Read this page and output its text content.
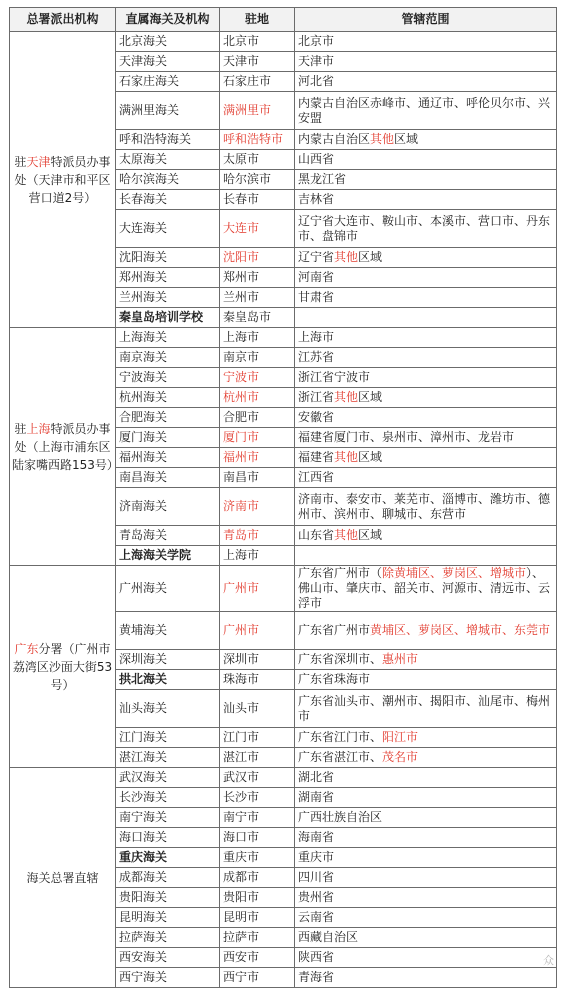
总署派出机构	直属海关及机构	驻地	管辖范围
驻天津特派员办事处（天津市和平区营口道2号）	北京海关	北京市	北京市
	天津海关	天津市	天津市
	石家庄海关	石家庄市	河北省
	满洲里海关	满洲里市	内蒙古自治区赤峰市、通辽市、呼伦贝尔市、兴安盟
	呼和浩特海关	呼和浩特市	内蒙古自治区其他区域
	太原海关	太原市	山西省
	哈尔滨海关	哈尔滨市	黑龙江省
	长春海关	长春市	吉林省
	大连海关	大连市	辽宁省大连市、鞍山市、本溪市、营口市、丹东市、盘锦市
	沈阳海关	沈阳市	辽宁省其他区域
	郑州海关	郑州市	河南省
	兰州海关	兰州市	甘肃省
	秦皇岛培训学校	秦皇岛市	
驻上海特派员办事处（上海市浦东区陆家嘴西路153号）	上海海关	上海市	上海市
	南京海关	南京市	江苏省
	宁波海关	宁波市	浙江省宁波市
	杭州海关	杭州市	浙江省其他区域
	合肥海关	合肥市	安徽省
	厦门海关	厦门市	福建省厦门市、泉州市、漳州市、龙岩市
	福州海关	福州市	福建省其他区域
	南昌海关	南昌市	江西省
	济南海关	济南市	济南市、泰安市、莱芜市、淄博市、潍坊市、德州市、滨州市、聊城市、东营市
	青岛海关	青岛市	山东省其他区域
	上海海关学院	上海市	
广东分署（广州市荔湾区沙面大街53号）	广州海关	广州市	广东省广州市（除黄埔区、萝岗区、增城市）、佛山市、肇庆市、韶关市、河源市、清远市、云浮市
	黄埔海关	广州市	广东省广州市黄埔区、萝岗区、增城市、东莞市
	深圳海关	深圳市	广东省深圳市、惠州市
	拱北海关	珠海市	广东省珠海市
	汕头海关	汕头市	广东省汕头市、潮州市、揭阳市、汕尾市、梅州市
	江门海关	江门市	广东省江门市、阳江市
	湛江海关	湛江市	广东省湛江市、茂名市
海关总署直辖	武汉海关	武汉市	湖北省
	长沙海关	长沙市	湖南省
	南宁海关	南宁市	广西壮族自治区
	海口海关	海口市	海南省
	重庆海关	重庆市	重庆市
	成都海关	成都市	四川省
	贵阳海关	贵阳市	贵州省
	昆明海关	昆明市	云南省
	拉萨海关	拉萨市	西藏自治区
	西安海关	西安市	陕西省
	西宁海关	西宁市	青海省
众
